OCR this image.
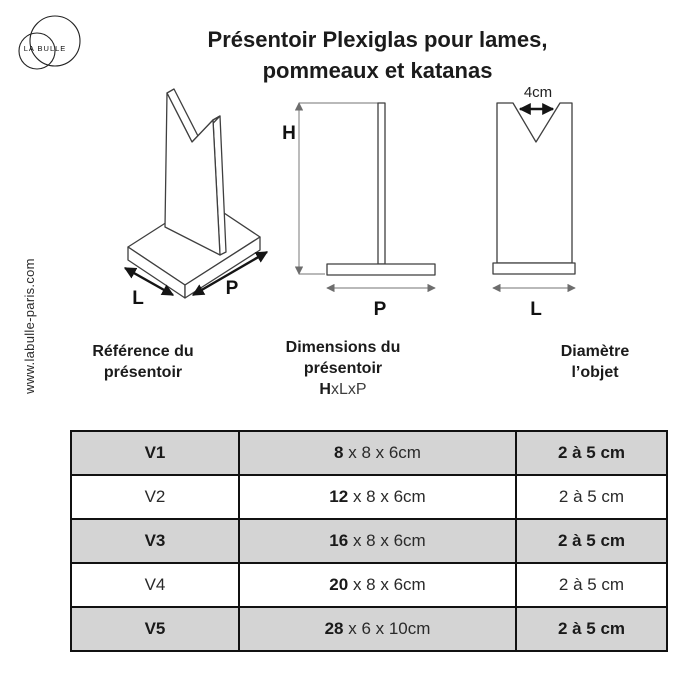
LA BULLE	Présentoir Plexiglas pour lames,
pommeaux et katanas
www.labulle-paris.com	L	P
H
P
4cm
L
Référence du
présentoir
Dimensions du
présentoir
HxLxP
Diamètre
l’objet
V1	8 x 8 x 6cm	2 à 5 cm
V2	12 x 8 x 6cm	2 à 5 cm
V3	16 x 8 x 6cm	2 à 5 cm
V4	20 x 8 x 6cm	2 à 5 cm
V5	28 x 6 x 10cm	2 à 5 cm
